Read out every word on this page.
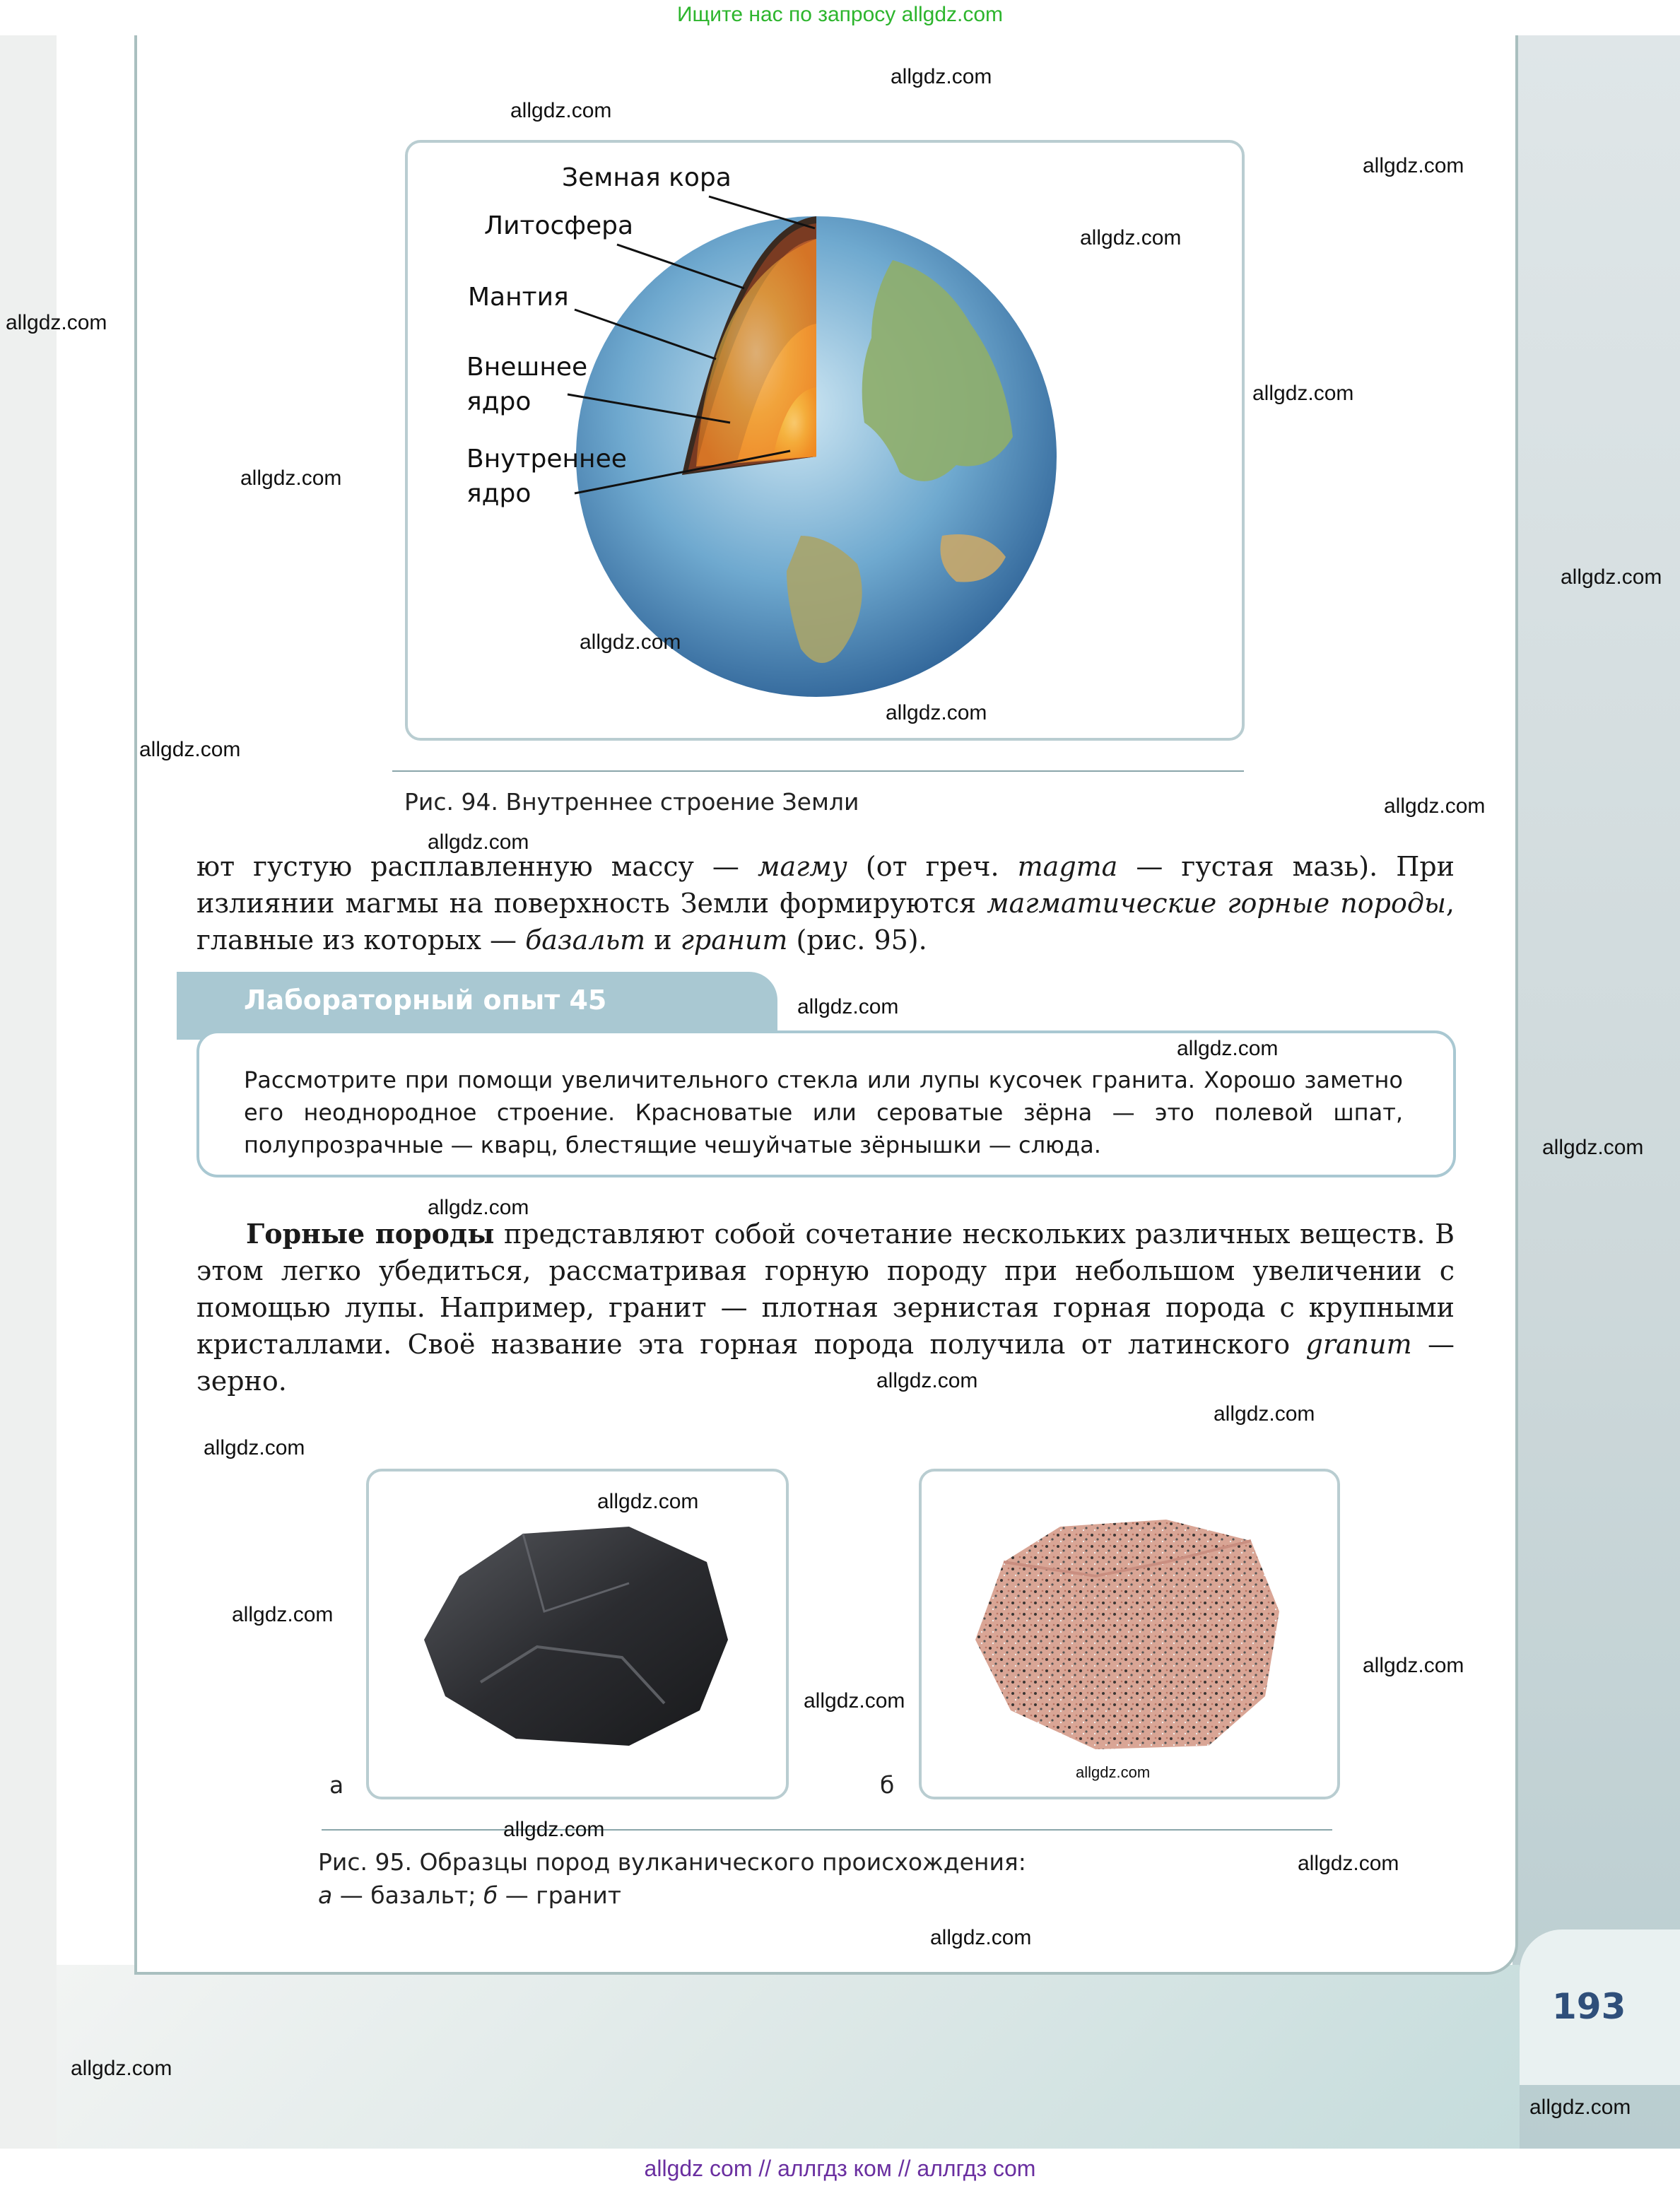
193
Ищите нас по запросу allgdz.com
Земная кора
Литосфера
Мантия
Внешнее
ядро
Внутреннее
ядро
Рис. 94. Внутреннее строение Земли
ют густую расплавленную массу — магму (от греч. magma — густая мазь). При излиянии магмы на поверхность Земли формируются магматические горные породы, главные из которых — базальт и гранит (рис. 95).
Лабораторный опыт 45
Рассмотрите при помощи увеличительного стекла или лупы кусочек гранита. Хорошо заметно его неоднородное строение. Красноватые или сероватые зёрна — это полевой шпат, полупрозрачные — кварц, блестящие чешуйчатые зёрнышки — слюда.
Горные породы представляют собой сочетание нескольких различных веществ. В этом легко убедиться, рассматривая горную породу при небольшом увеличении с помощью лупы. Например, гранит — плотная зернистая горная порода с крупными кристаллами. Своё название эта горная порода получила от латинского granum — зерно.
а	б
Рис. 95. Образцы пород вулканического происхождения:
а — базальт; б — гранит
allgdz.com
allgdz.com
allgdz.com
allgdz.com
allgdz.com
allgdz.com
allgdz.com
allgdz.com
allgdz.com
allgdz.com
allgdz.com
allgdz.com
allgdz.com
allgdz.com
allgdz.com
allgdz.com
allgdz.com
allgdz.com
allgdz.com
allgdz.com
allgdz.com
allgdz.com
allgdz.com
allgdz.com
allgdz.com
allgdz.com
allgdz.com
allgdz.com
allgdz.com
allgdz.com
allgdz com // аллгдз ком // аллгдз com
